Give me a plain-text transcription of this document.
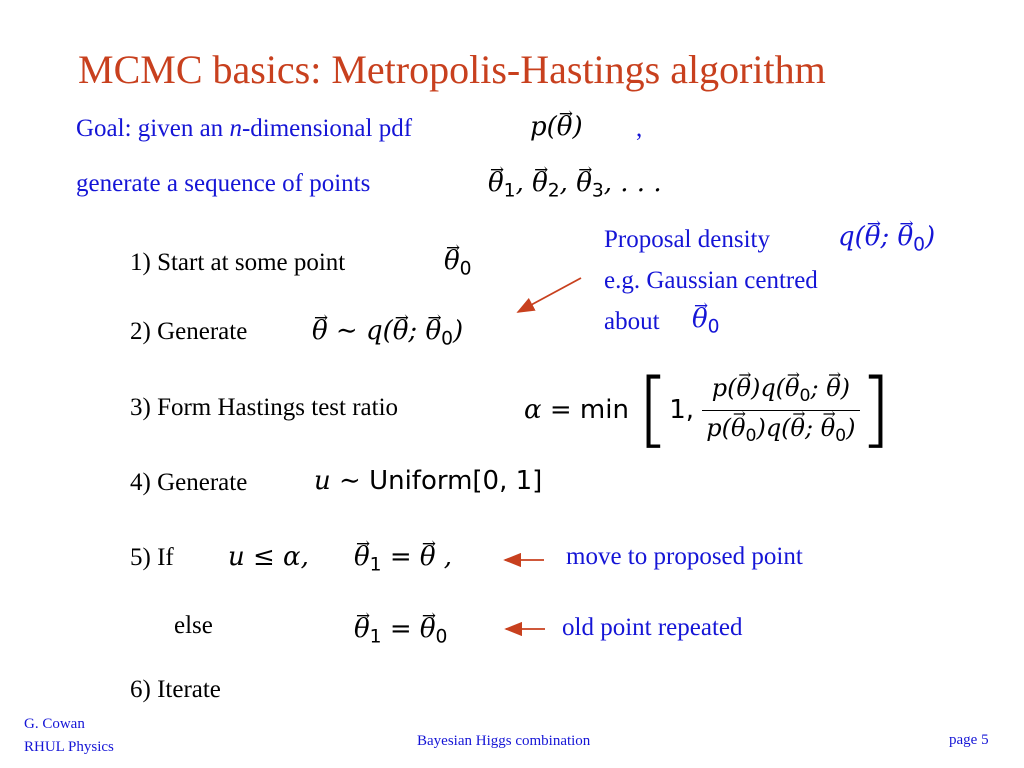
MCMC basics: Metropolis-Hastings algorithm
Goal: given an n-dimensional pdf	p(→ θ) ,
generate a sequence of points	→ $\theta_1$, → $\theta_2$, → $\theta_3$, . . .
Proposal density	q(→ θ; → $\theta_0$)
e.g. Gaussian centred
about → $\theta_0$
1) Start at some point	→ $\theta_0$
2) Generate → θ ∼ q(→ θ; → $\theta_0$)
3) Form Hastings test ratio	α
=
min
[ 1,
$\frac{p(\to \theta)q(\to \theta_0; \to \theta)}{p(\to \theta_0)q(\to \theta; \to \theta_0)}$ ]
4) Generate	u ∼ Uniform[0, 1]
5) If u ≤ α, → $\theta_1$ = → θ ,	move to proposed point
else	→ $\theta_1$ = → $\theta_0$	old point repeated
6) Iterate
G. Cowan
RHUL Physics	Bayesian Higgs combination	page 5
